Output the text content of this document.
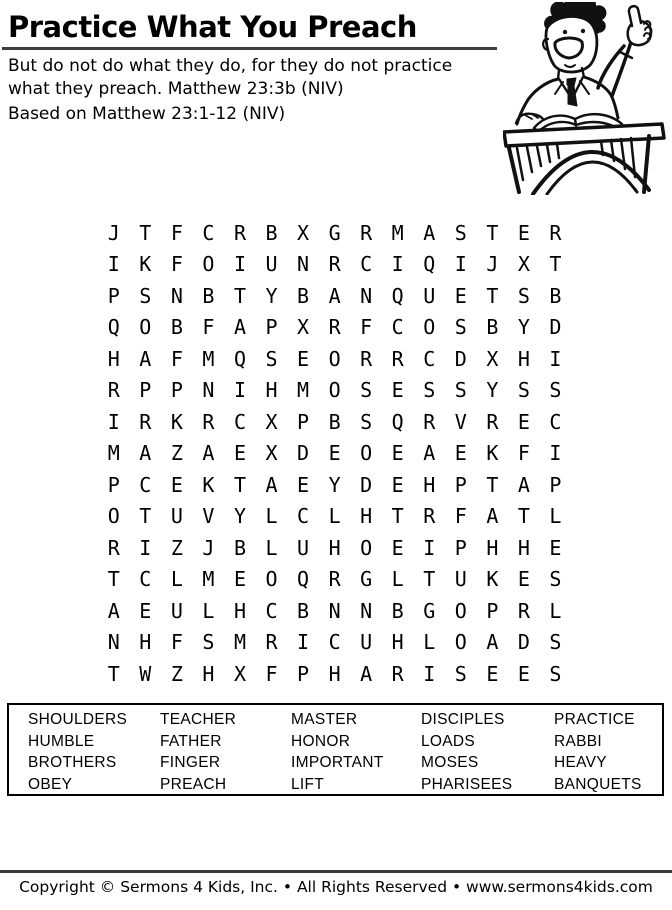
Practice What You Preach
But do not do what they do, for they do not practice
what they preach. Matthew 23:3b (NIV)
Based on Matthew 23:1-12 (NIV)
J T F C R B X G R M A S T E R
I K F O I U N R C I Q I J X T
P S N B T Y B A N Q U E T S B
Q O B F A P X R F C O S B Y D
H A F M Q S E O R R C D X H I
R P P N I H M O S E S S Y S S
I R K R C X P B S Q R V R E C
M A Z A E X D E O E A E K F I
P C E K T A E Y D E H P T A P
O T U V Y L C L H T R F A T L
R I Z J B L U H O E I P H H E
T C L M E O Q R G L T U K E S
A E U L H C B N N B G O P R L
N H F S M R I C U H L O A D S
T W Z H X F P H A R I S E E S
SHOULDERS
HUMBLE
BROTHERS
OBEY
TEACHER
FATHER
FINGER
PREACH
MASTER
HONOR
IMPORTANT
LIFT
DISCIPLES
LOADS
MOSES
PHARISEES
PRACTICE
RABBI
HEAVY
BANQUETS
Copyright © Sermons 4 Kids, Inc. • All Rights Reserved • www.sermons4kids.com
